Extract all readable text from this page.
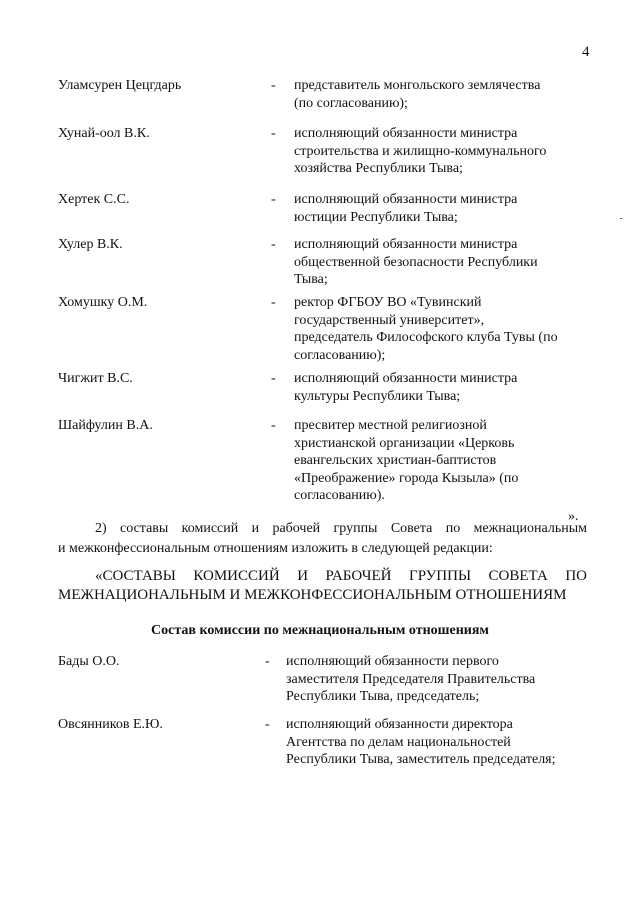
4
Уламсурен Цецгдарь	- представитель монгольского землячества
(по согласованию);
Хунай-оол В.К.	- исполняющий обязанности министра
строительства и жилищно-коммунального
хозяйства Республики Тыва;
Хертек С.С.	- исполняющий обязанности министра
юстиции Республики Тыва;
Хулер В.К.	- исполняющий обязанности министра
общественной безопасности Республики
Тыва;
Хомушку О.М.	- ректор ФГБОУ ВО «Тувинский
государственный университет»,
председатель Философского клуба Тувы (по
согласованию);
Чигжит В.С.	- исполняющий обязанности министра
культуры Республики Тыва;
Шайфулин В.А.	- пресвитер местной религиозной
христианской организации «Церковь
евангельских христиан-баптистов
«Преображение» города Кызыла» (по
согласованию).
».
2) составы комиссий и рабочей группы Совета по межнациональным
и межконфессиональным отношениям изложить в следующей редакции:
«СОСТАВЫ КОМИССИЙ И РАБОЧЕЙ ГРУППЫ СОВЕТА ПО
МЕЖНАЦИОНАЛЬНЫМ И МЕЖКОНФЕССИОНАЛЬНЫМ ОТНОШЕНИЯМ
Состав комиссии по межнациональным отношениям
Бады О.О.	- исполняющий обязанности первого
заместителя Председателя Правительства
Республики Тыва, председатель;
Овсянников Е.Ю.	- исполняющий обязанности директора
Агентства по делам национальностей
Республики Тыва, заместитель председателя;
